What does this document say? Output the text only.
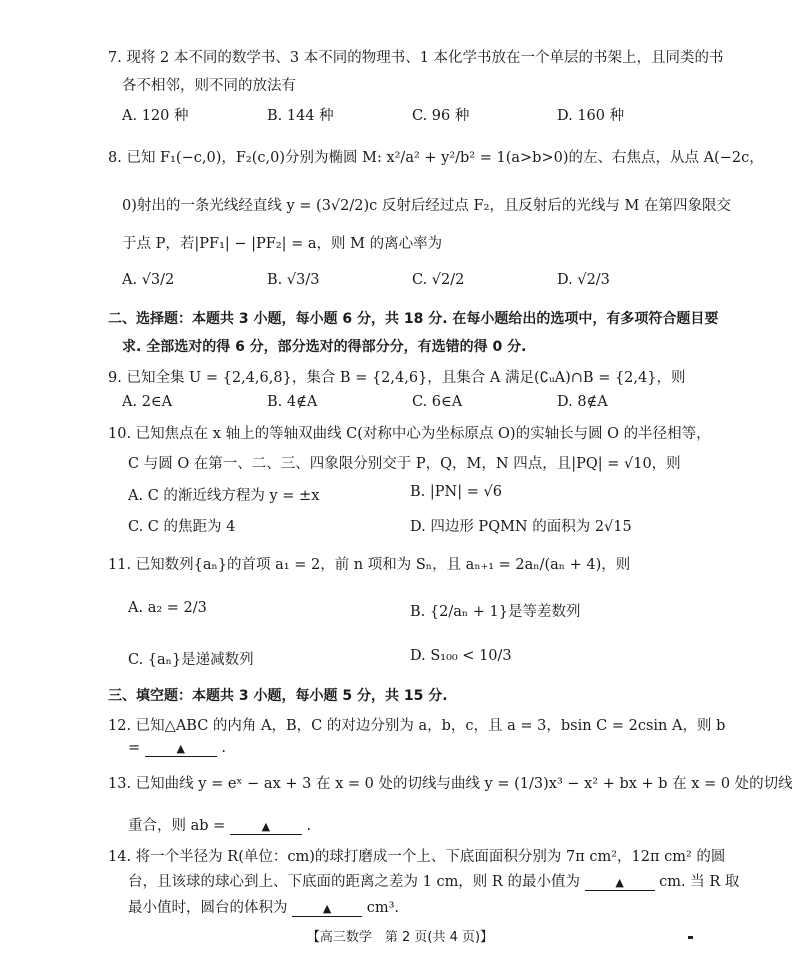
7. 现将 2 本不同的数学书、3 本不同的物理书、1 本化学书放在一个单层的书架上，且同类的书
各不相邻，则不同的放法有
A. 120 种	B. 144 种	C. 96 种	D. 160 种
8. 已知 F₁(−c,0)，F₂(c,0)分别为椭圆 M: x²/a² + y²/b² = 1(a>b>0)的左、右焦点，从点 A(−2c，
0)射出的一条光线经直线 y = (3√2/2)c 反射后经过点 F₂，且反射后的光线与 M 在第四象限交
于点 P，若|PF₁| − |PF₂| = a，则 M 的离心率为
A. √3/2	B. √3/3	C. √2/2	D. √2/3
二、选择题：本题共 3 小题，每小题 6 分，共 18 分. 在每小题给出的选项中，有多项符合题目要
求. 全部选对的得 6 分，部分选对的得部分分，有选错的得 0 分.
9. 已知全集 U = {2,4,6,8}，集合 B = {2,4,6}，且集合 A 满足(∁ᵤA)∩B = {2,4}，则
A. 2∈A	B. 4∉A	C. 6∈A	D. 8∉A
10. 已知焦点在 x 轴上的等轴双曲线 C(对称中心为坐标原点 O)的实轴长与圆 O 的半径相等，
C 与圆 O 在第一、二、三、四象限分别交于 P，Q，M，N 四点，且|PQ| = √10，则
A. C 的渐近线方程为 y = ±x	B. |PN| = √6
C. C 的焦距为 4	D. 四边形 PQMN 的面积为 2√15
11. 已知数列{aₙ}的首项 a₁ = 2，前 n 项和为 Sₙ，且 aₙ₊₁ = 2aₙ/(aₙ + 4)，则
A. a₂ = 2/3	B. {2/aₙ + 1}是等差数列
C. {aₙ}是递减数列	D. S₁₀₀ < 10/3
三、填空题：本题共 3 小题，每小题 5 分，共 15 分.
12. 已知△ABC 的内角 A，B，C 的对边分别为 a，b，c，且 a = 3，bsin C = 2csin A，则 b
=	▲	.
13. 已知曲线 y = eˣ − ax + 3 在 x = 0 处的切线与曲线 y = (1/3)x³ − x² + bx + b 在 x = 0 处的切线
重合，则 ab =	▲	.
14. 将一个半径为 R(单位：cm)的球打磨成一个上、下底面面积分别为 7π cm²，12π cm² 的圆
台，且该球的球心到上、下底面的距离之差为 1 cm，则 R 的最小值为	▲ cm. 当 R 取
最小值时，圆台的体积为	▲ cm³.
【高三数学　第 2 页(共 4 页)】
